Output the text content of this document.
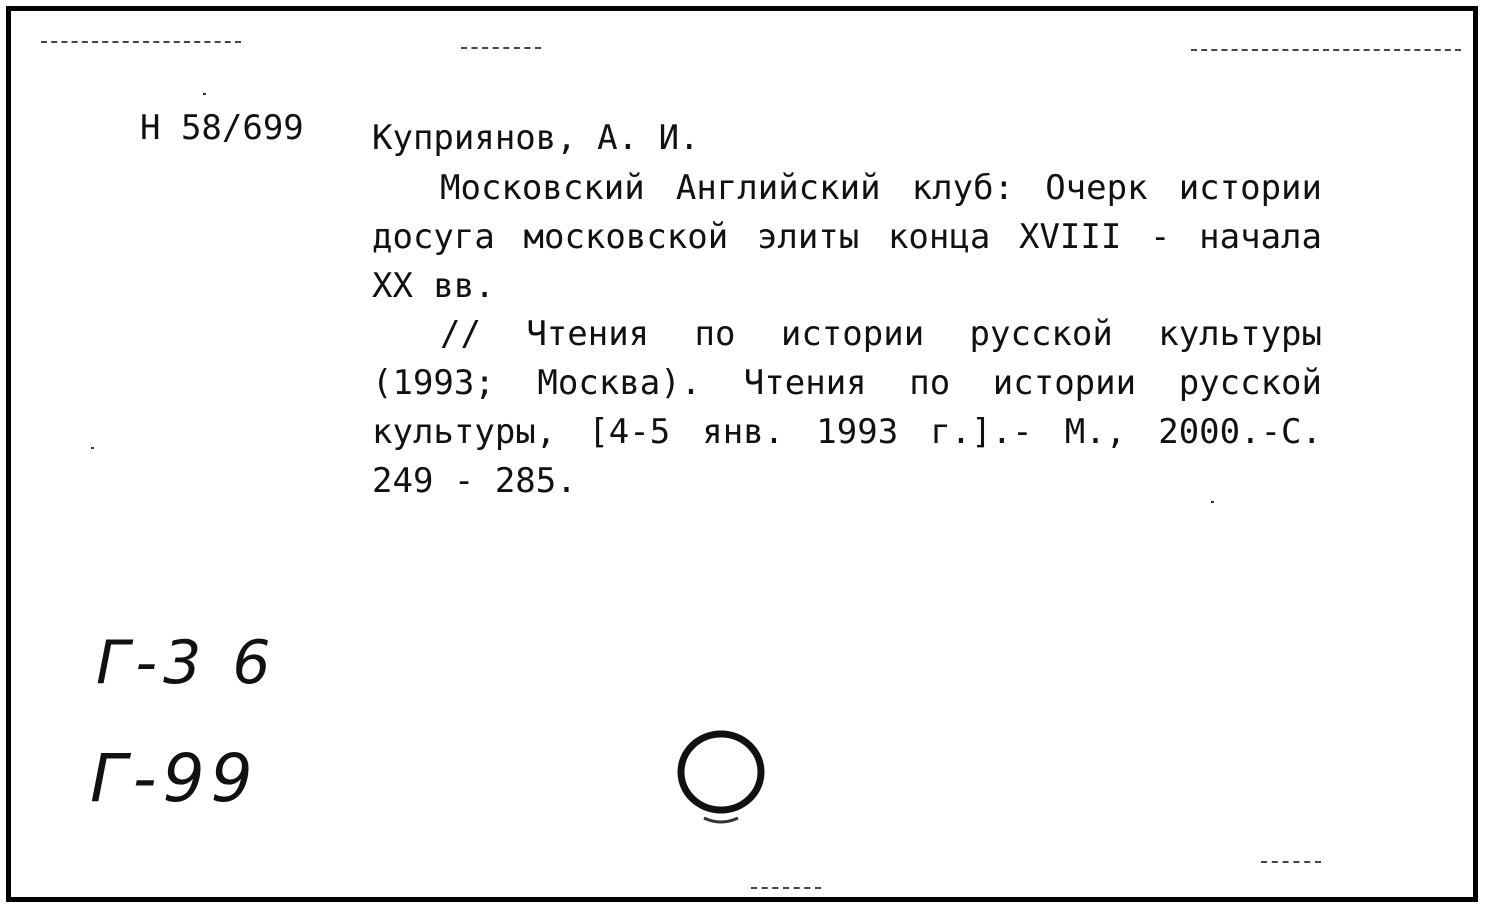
Н 58/699 Куприянов, А. И.
Московский Английский клуб: Очерк истории досуга московской элиты конца XVIII - начала XX вв.
// Чтения по истории русской культуры (1993; Москва). Чтения по истории русской культуры, [4-5 янв. 1993 г.].- М., 2000.-С. 249 - 285.
Г-3 6
Г-99
